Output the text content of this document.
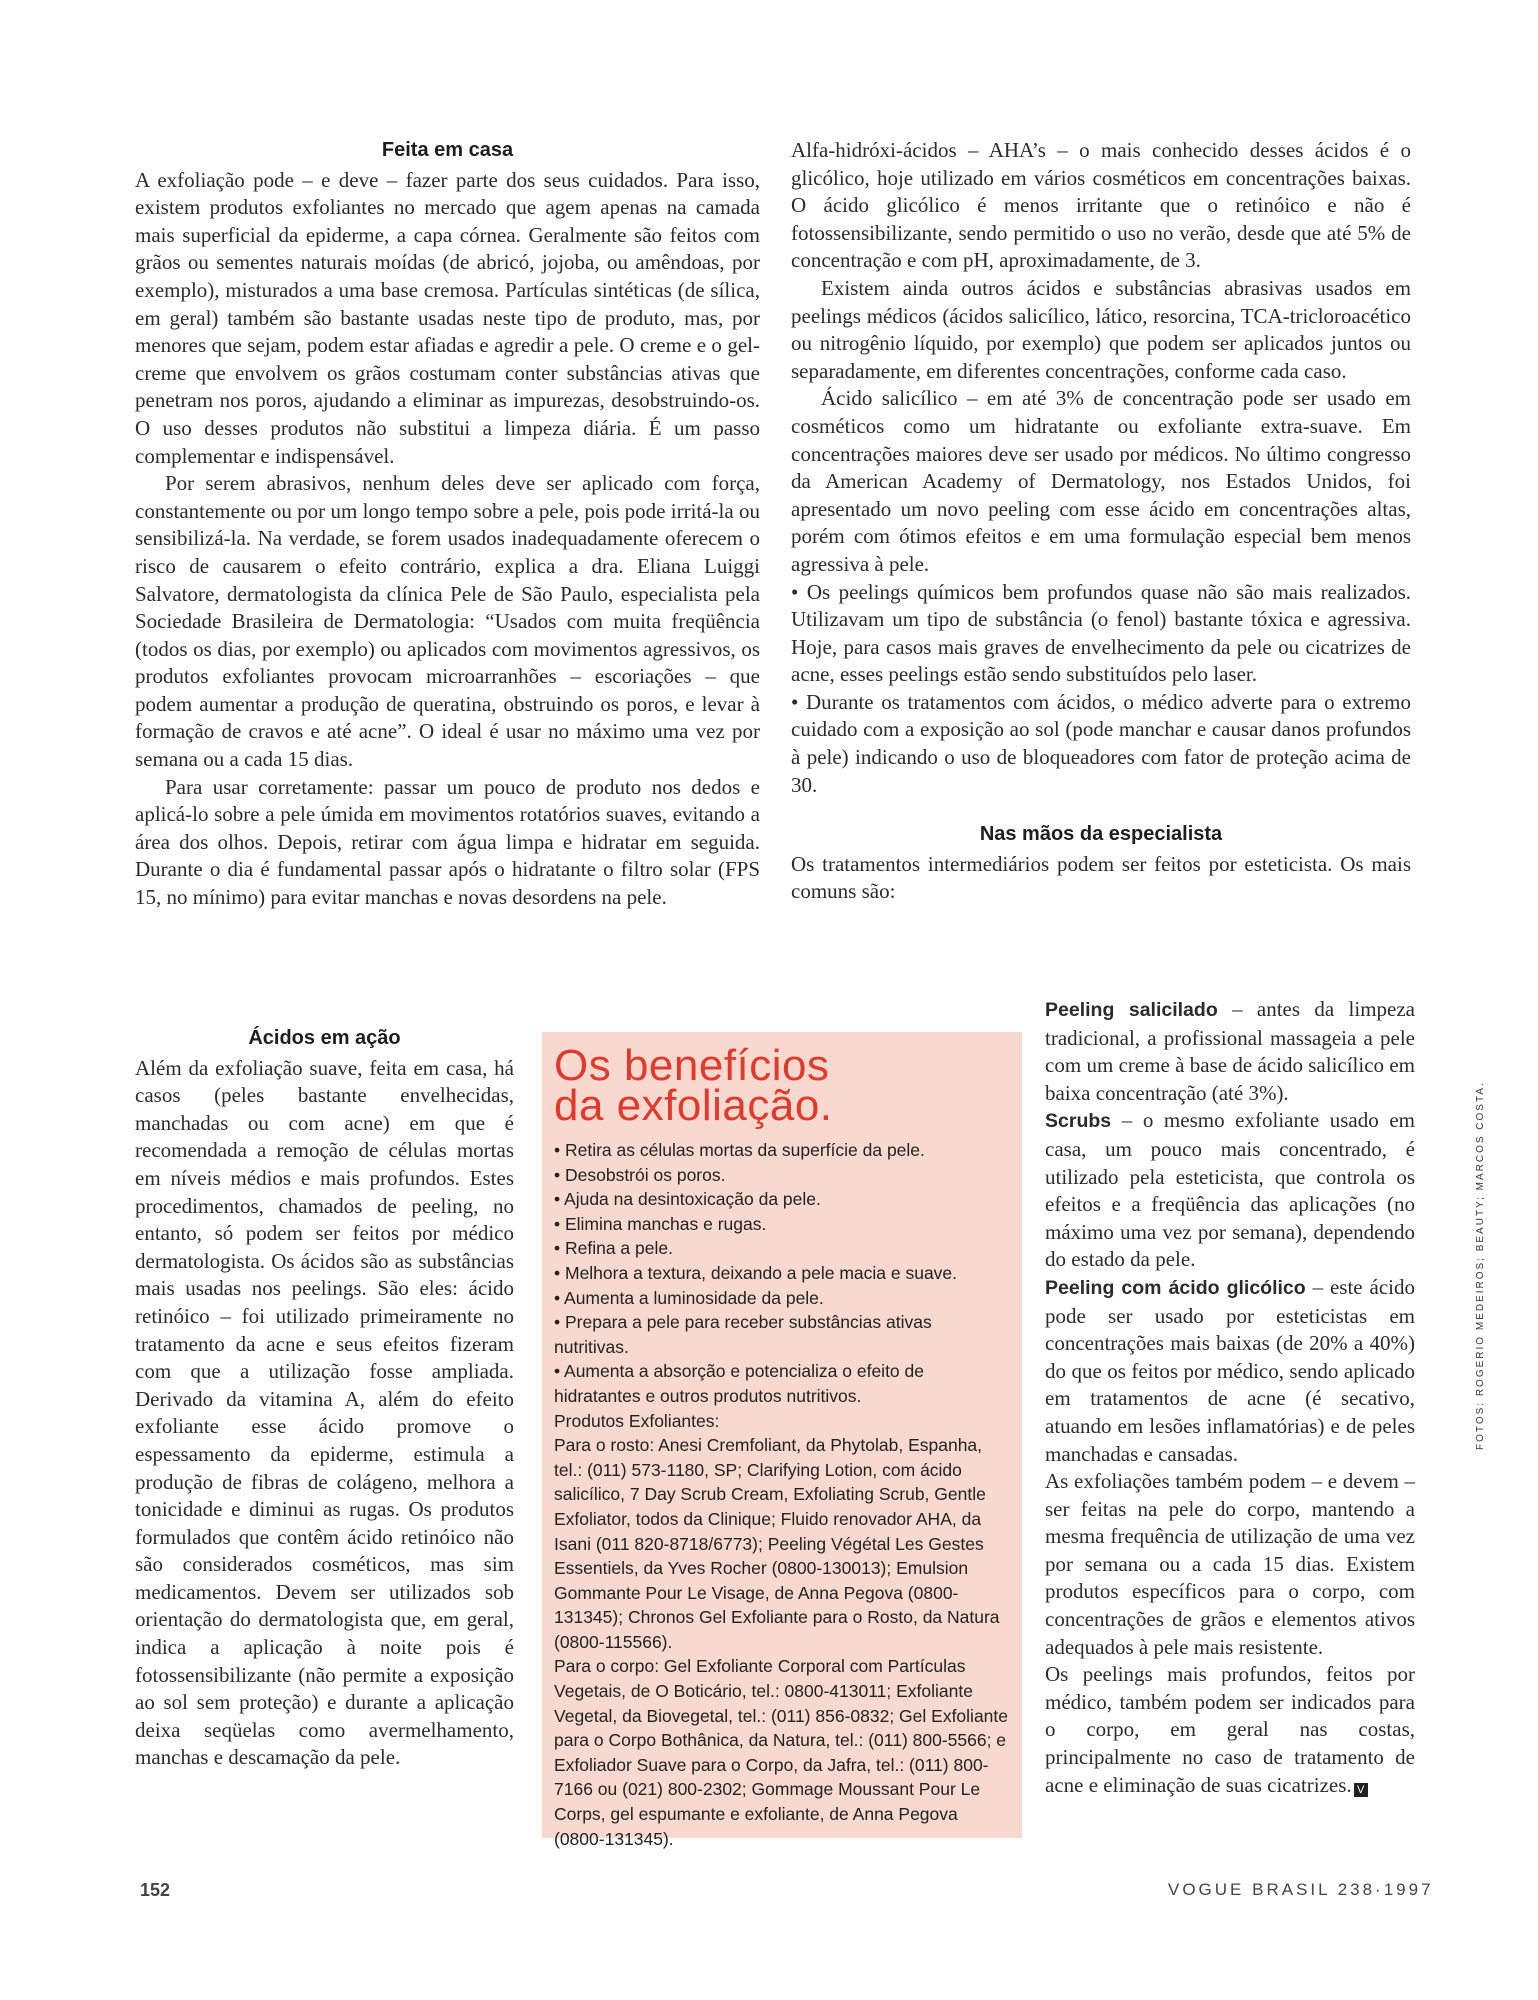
Feita em casa

A exfoliação pode – e deve – fazer parte dos seus cuidados. Para isso, existem produtos exfoliantes no mercado que agem apenas na camada mais superficial da epiderme, a capa córnea. Geralmente são feitos com grãos ou sementes naturais moídas (de abricó, jojoba, ou amêndoas, por exemplo), misturados a uma base cremosa. Partículas sintéticas (de sílica, em geral) também são bastante usadas neste tipo de produto, mas, por menores que sejam, podem estar afiadas e agredir a pele. O creme e o gel-creme que envolvem os grãos costumam conter substâncias ativas que penetram nos poros, ajudando a eliminar as impurezas, desobstruindo-os. O uso desses produtos não substitui a limpeza diária. É um passo complementar e indispensável.

Por serem abrasivos, nenhum deles deve ser aplicado com força, constantemente ou por um longo tempo sobre a pele, pois pode irritá-la ou sensibilizá-la. Na verdade, se forem usados inadequadamente oferecem o risco de causarem o efeito contrário, explica a dra. Eliana Luiggi Salvatore, dermatologista da clínica Pele de São Paulo, especialista pela Sociedade Brasileira de Dermatologia: “Usados com muita freqüência (todos os dias, por exemplo) ou aplicados com movimentos agressivos, os produtos exfoliantes provocam microarranhões – escoriações – que podem aumentar a produção de queratina, obstruindo os poros, e levar à formação de cravos e até acne”. O ideal é usar no máximo uma vez por semana ou a cada 15 dias.

Para usar corretamente: passar um pouco de produto nos dedos e aplicá-lo sobre a pele úmida em movimentos rotatórios suaves, evitando a área dos olhos. Depois, retirar com água limpa e hidratar em seguida. Durante o dia é fundamental passar após o hidratante o filtro solar (FPS 15, no mínimo) para evitar manchas e novas desordens na pele.

Ácidos em ação

Além da exfoliação suave, feita em casa, há casos (peles bastante envelhecidas, manchadas ou com acne) em que é recomendada a remoção de células mortas em níveis médios e mais profundos. Estes procedimentos, chamados de peeling, no entanto, só podem ser feitos por médico dermatologista. Os ácidos são as substâncias mais usadas nos peelings. São eles: ácido retinóico – foi utilizado primeiramente no tratamento da acne e seus efeitos fizeram com que a utilização fosse ampliada. Derivado da vitamina A, além do efeito exfoliante esse ácido promove o espessamento da epiderme, estimula a produção de fibras de colágeno, melhora a tonicidade e diminui as rugas. Os produtos formulados que contêm ácido retinóico não são considerados cosméticos, mas sim medicamentos. Devem ser utilizados sob orientação do dermatologista que, em geral, indica a aplicação à noite pois é fotossensibilizante (não permite a exposição ao sol sem proteção) e durante a aplicação deixa seqüelas como avermelhamento, manchas e descamação da pele.

Alfa-hidróxi-ácidos – AHA’s – o mais conhecido desses ácidos é o glicólico, hoje utilizado em vários cosméticos em concentrações baixas. O ácido glicólico é menos irritante que o retinóico e não é fotossensibilizante, sendo permitido o uso no verão, desde que até 5% de concentração e com pH, aproximadamente, de 3.

Existem ainda outros ácidos e substâncias abrasivas usados em peelings médicos (ácidos salicílico, lático, resorcina, TCA-tricloroacético ou nitrogênio líquido, por exemplo) que podem ser aplicados juntos ou separadamente, em diferentes concentrações, conforme cada caso.

Ácido salicílico – em até 3% de concentração pode ser usado em cosméticos como um hidratante ou exfoliante extra-suave. Em concentrações maiores deve ser usado por médicos. No último congresso da American Academy of Dermatology, nos Estados Unidos, foi apresentado um novo peeling com esse ácido em concentrações altas, porém com ótimos efeitos e em uma formulação especial bem menos agressiva à pele.

• Os peelings químicos bem profundos quase não são mais realizados. Utilizavam um tipo de substância (o fenol) bastante tóxica e agressiva. Hoje, para casos mais graves de envelhecimento da pele ou cicatrizes de acne, esses peelings estão sendo substituídos pelo laser.

• Durante os tratamentos com ácidos, o médico adverte para o extremo cuidado com a exposição ao sol (pode manchar e causar danos profundos à pele) indicando o uso de bloqueadores com fator de proteção acima de 30.

Nas mãos da especialista

Os tratamentos intermediários podem ser feitos por esteticista. Os mais comuns são:

Peeling salicilado – antes da limpeza tradicional, a profissional massageia a pele com um creme à base de ácido salicílico em baixa concentração (até 3%).

Scrubs – o mesmo exfoliante usado em casa, um pouco mais concentrado, é utilizado pela esteticista, que controla os efeitos e a freqüência das aplicações (no máximo uma vez por semana), dependendo do estado da pele.

Peeling com ácido glicólico – este ácido pode ser usado por esteticistas em concentrações mais baixas (de 20% a 40%) do que os feitos por médico, sendo aplicado em tratamentos de acne (é secativo, atuando em lesões inflamatórias) e de peles manchadas e cansadas.

As exfoliações também podem – e devem – ser feitas na pele do corpo, mantendo a mesma frequência de utilização de uma vez por semana ou a cada 15 dias. Existem produtos específicos para o corpo, com concentrações de grãos e elementos ativos adequados à pele mais resistente.

Os peelings mais profundos, feitos por médico, também podem ser indicados para o corpo, em geral nas costas, principalmente no caso de tratamento de acne e eliminação de suas cicatrizes. V

Os benefícios
da exfoliação.

• Retira as células mortas da superfície da pele.

• Desobstrói os poros.

• Ajuda na desintoxicação da pele.

• Elimina manchas e rugas.

• Refina a pele.

• Melhora a textura, deixando a pele macia e suave.

• Aumenta a luminosidade da pele.

• Prepara a pele para receber substâncias ativas nutritivas.

• Aumenta a absorção e potencializa o efeito de hidratantes e outros produtos nutritivos.

Produtos Exfoliantes:

Para o rosto: Anesi Cremfoliant, da Phytolab, Espanha, tel.: (011) 573-1180, SP; Clarifying Lotion, com ácido salicílico, 7 Day Scrub Cream, Exfoliating Scrub, Gentle Exfoliator, todos da Clinique; Fluido renovador AHA, da Isani (011 820-8718/6773); Peeling Végétal Les Gestes Essentiels, da Yves Rocher (0800-130013); Emulsion Gommante Pour Le Visage, de Anna Pegova (0800-131345); Chronos Gel Exfoliante para o Rosto, da Natura (0800-115566).

Para o corpo: Gel Exfoliante Corporal com Partículas Vegetais, de O Boticário, tel.: 0800-413011; Exfoliante Vegetal, da Biovegetal, tel.: (011) 856-0832; Gel Exfoliante para o Corpo Bothânica, da Natura, tel.: (011) 800-5566; e Exfoliador Suave para o Corpo, da Jafra, tel.: (011) 800-7166 ou (021) 800-2302; Gommage Moussant Pour Le Corps, gel espumante e exfoliante, de Anna Pegova (0800-131345).

FOTOS: ROGERIO MEDEIROS; BEAUTY; MARCOS COSTA.
152	VOGUE BRASIL 238·1997
